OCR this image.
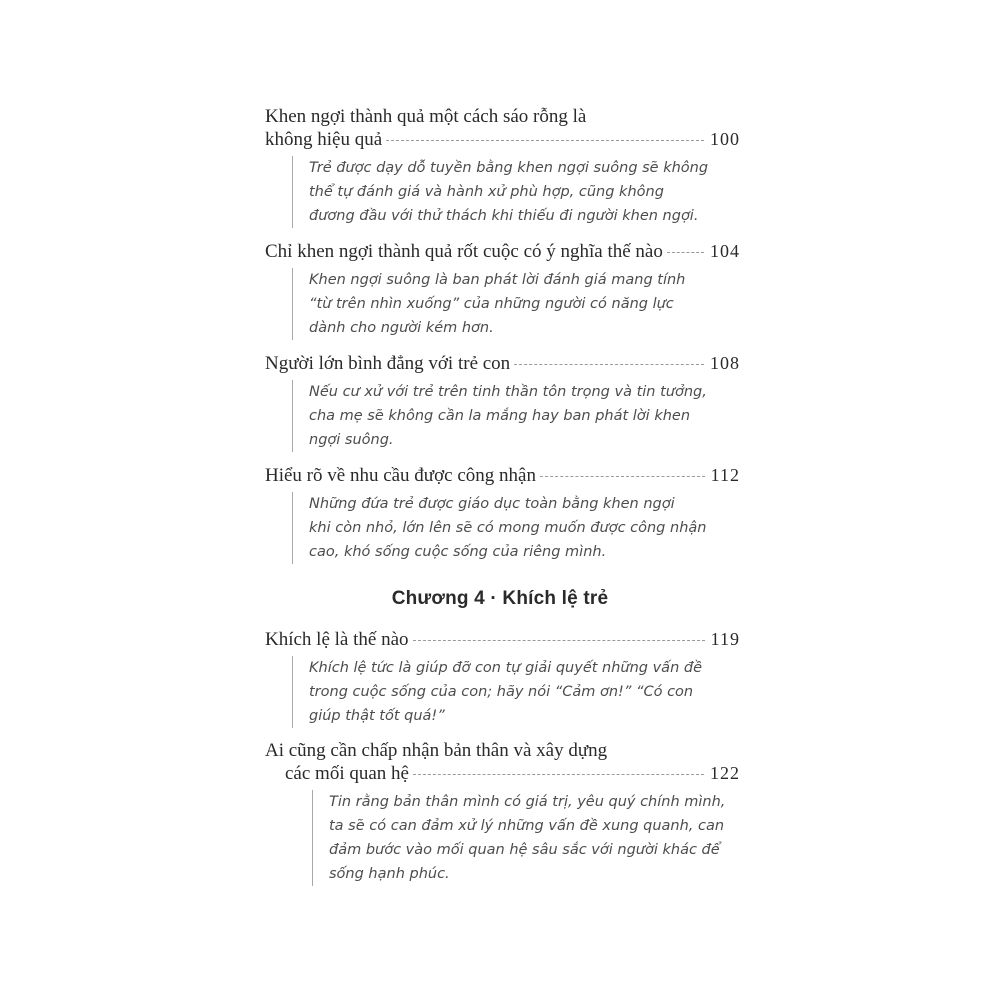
Khen ngợi thành quả một cách sáo rỗng là
không hiệu quả	100
Trẻ được dạy dỗ tuyền bằng khen ngợi suông sẽ không
thể tự đánh giá và hành xử phù hợp, cũng không
đương đầu với thử thách khi thiếu đi người khen ngợi.
Chỉ khen ngợi thành quả rốt cuộc có ý nghĩa thế nào	104
Khen ngợi suông là ban phát lời đánh giá mang tính
“từ trên nhìn xuống” của những người có năng lực
dành cho người kém hơn.
Người lớn bình đẳng với trẻ con	108
Nếu cư xử với trẻ trên tinh thần tôn trọng và tin tưởng,
cha mẹ sẽ không cần la mắng hay ban phát lời khen
ngợi suông.
Hiểu rõ về nhu cầu được công nhận	112
Những đứa trẻ được giáo dục toàn bằng khen ngợi
khi còn nhỏ, lớn lên sẽ có mong muốn được công nhận
cao, khó sống cuộc sống của riêng mình.
Chương 4 · Khích lệ trẻ
Khích lệ là thế nào	119
Khích lệ tức là giúp đỡ con tự giải quyết những vấn đề
trong cuộc sống của con; hãy nói “Cảm ơn!” “Có con
giúp thật tốt quá!”
Ai cũng cần chấp nhận bản thân và xây dựng
các mối quan hệ	122
Tin rằng bản thân mình có giá trị, yêu quý chính mình,
ta sẽ có can đảm xử lý những vấn đề xung quanh, can
đảm bước vào mối quan hệ sâu sắc với người khác để
sống hạnh phúc.
